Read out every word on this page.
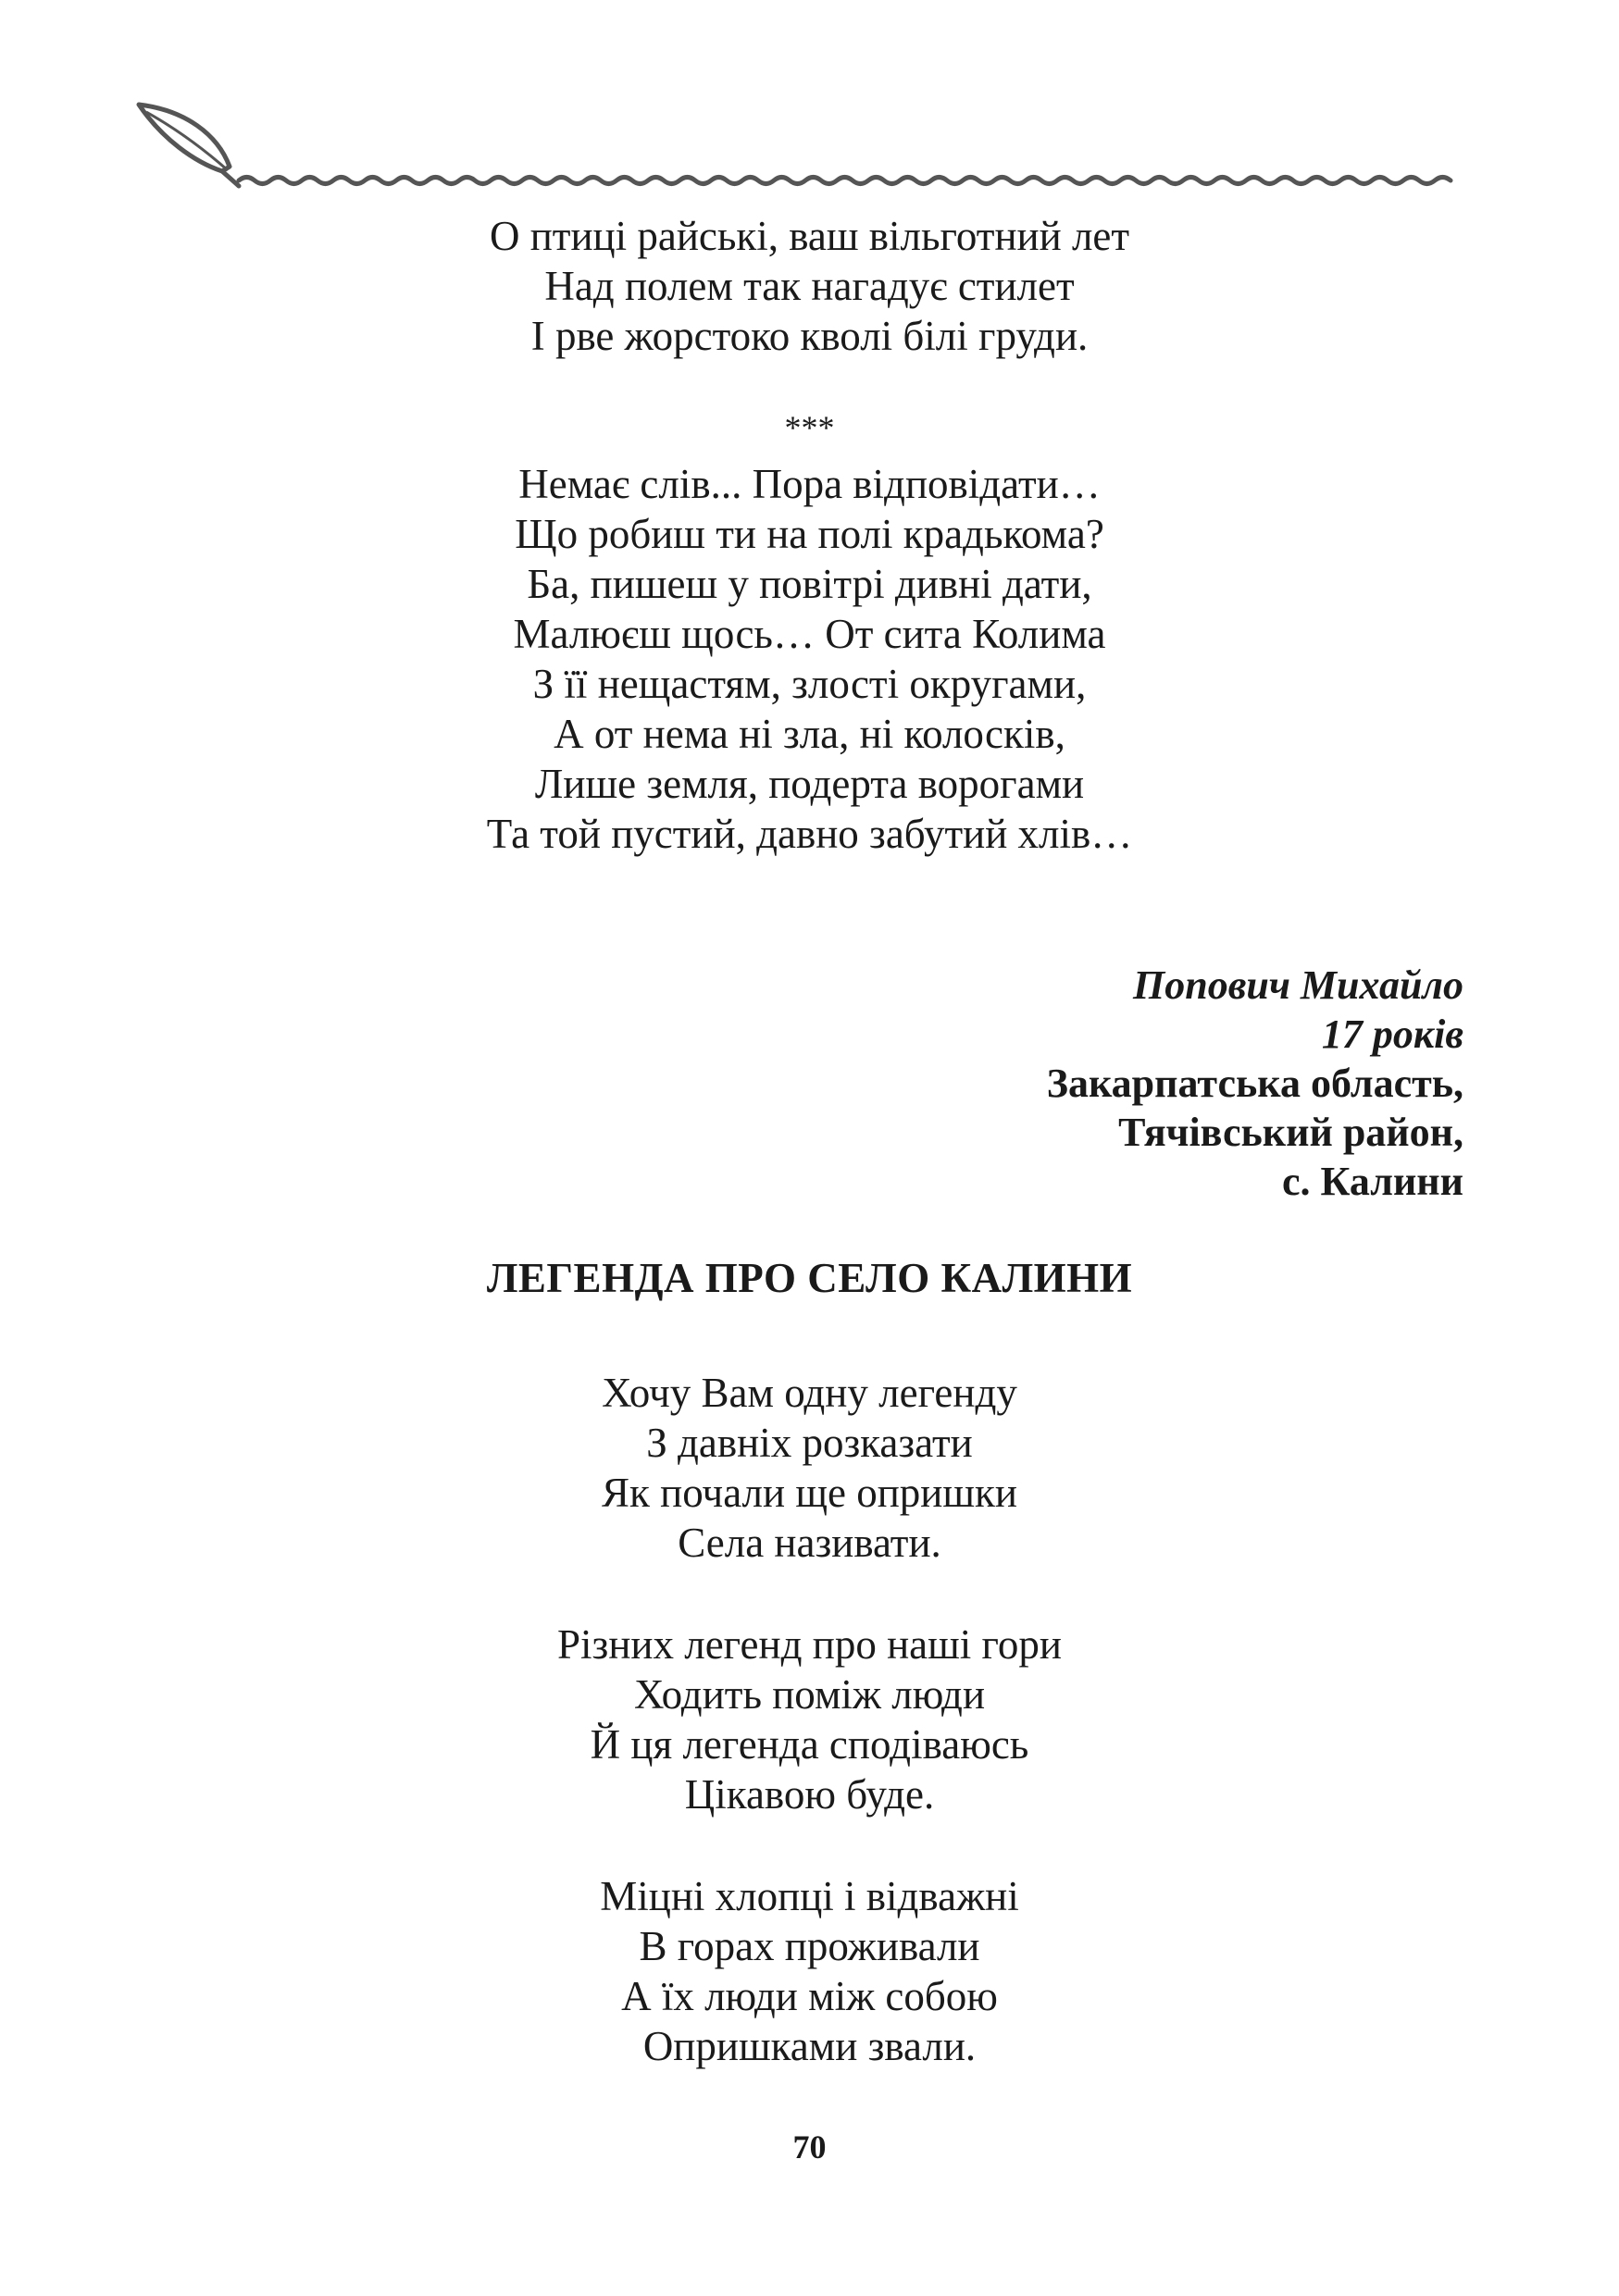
О птиці райські, ваш вільготний лет
Над полем так нагадує стилет
І рве жорстоко кволі білі груди.
***
Немає слів... Пора відповідати…
Що робиш ти на полі крадькома?
Ба, пишеш у повітрі дивні дати,
Малюєш щось… От сита Колима
З її нещастям, злості округами,
А от нема ні зла, ні колосків,
Лише земля, подерта ворогами
Та той пустий, давно забутий хлів…
Попович Михайло
17 років
Закарпатська область,
Тячівський район,
с. Калини
ЛЕГЕНДА ПРО СЕЛО КАЛИНИ
Хочу Вам одну легенду
З давніх розказати
Як почали ще опришки
Села називати.
Різних легенд про наші гори
Ходить поміж люди
Й ця легенда сподіваюсь
Цікавою буде.
Міцні хлопці і відважні
В горах проживали
А їх люди між собою
Опришками звали.
70
